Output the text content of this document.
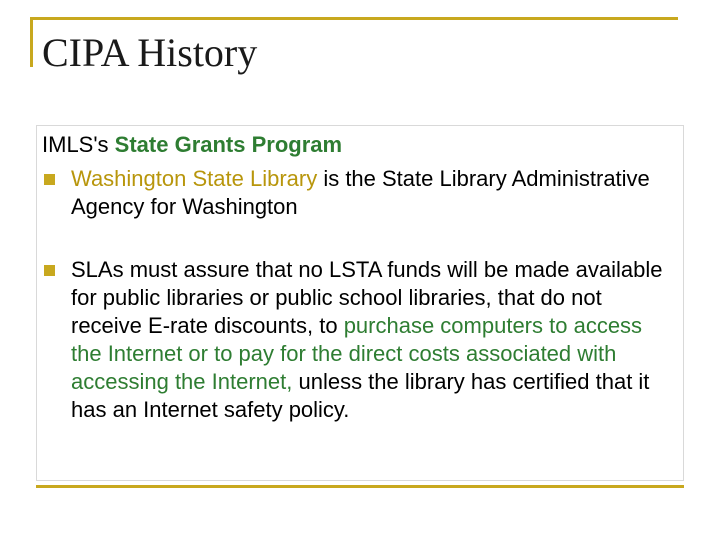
CIPA History
IMLS's State Grants Program
Washington State Library is the State Library Administrative Agency for Washington
SLAs must assure that no LSTA funds will be made available for public libraries or public school libraries, that do not receive E-rate discounts, to purchase computers to access the Internet or to pay for the direct costs associated with accessing the Internet, unless the library has certified that it has an Internet safety policy.
